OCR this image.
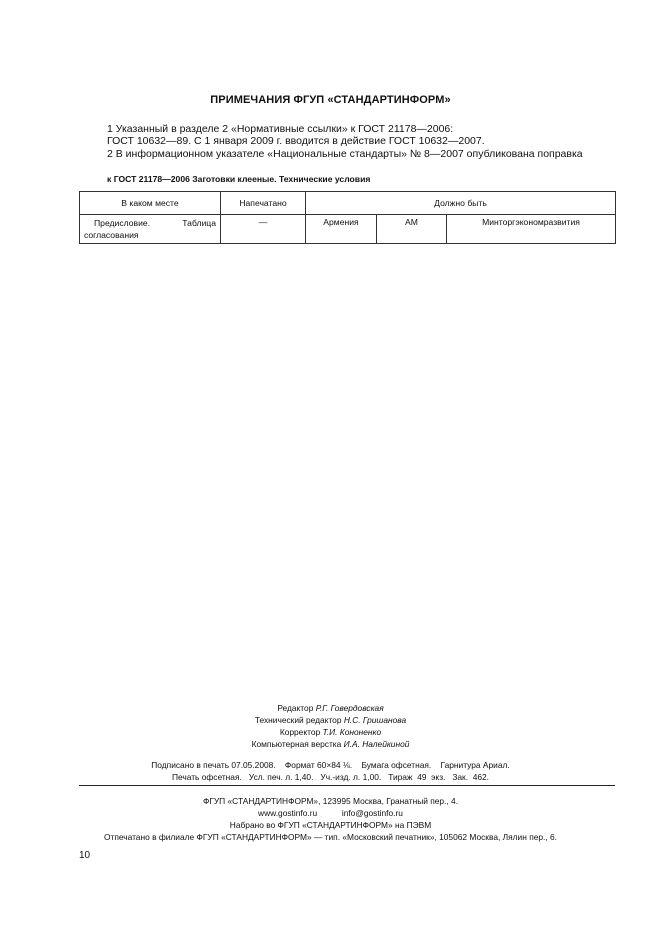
ПРИМЕЧАНИЯ ФГУП «СТАНДАРТИНФОРМ»
1 Указанный в разделе 2 «Нормативные ссылки» к ГОСТ 21178—2006:
ГОСТ 10632—89. С 1 января 2009 г. вводится в действие ГОСТ 10632—2007.
2 В информационном указателе «Национальные стандарты» № 8—2007 опубликована поправка
к ГОСТ 21178—2006 Заготовки клееные. Технические условия
В каком месте	Напечатано	Должно быть		
Предисловие. Таблица согласования	—	Армения	AM	Минторгэкономразвития
Редактор Р.Г. Говердовская
Технический редактор Н.С. Гришанова
Корректор Т.И. Кононенко
Компьютерная верстка И.А. Налейкиной
Подписано в печать 07.05.2008.    Формат 60×84 ⅛.    Бумага офсетная.    Гарнитура Ариал.
Печать офсетная.   Усл. печ. л. 1,40.   Уч.-изд. л. 1,00.   Тираж  49  экз.   Зак.  462.
ФГУП «СТАНДАРТИНФОРМ», 123995 Москва, Гранатный пер., 4.
www.gostinfo.ru	info@gostinfo.ru
Набрано во ФГУП «СТАНДАРТИНФОРМ» на ПЭВМ
Отпечатано в филиале ФГУП «СТАНДАРТИНФОРМ» — тип. «Московский печатник», 105062 Москва, Лялин пер., 6.
10
